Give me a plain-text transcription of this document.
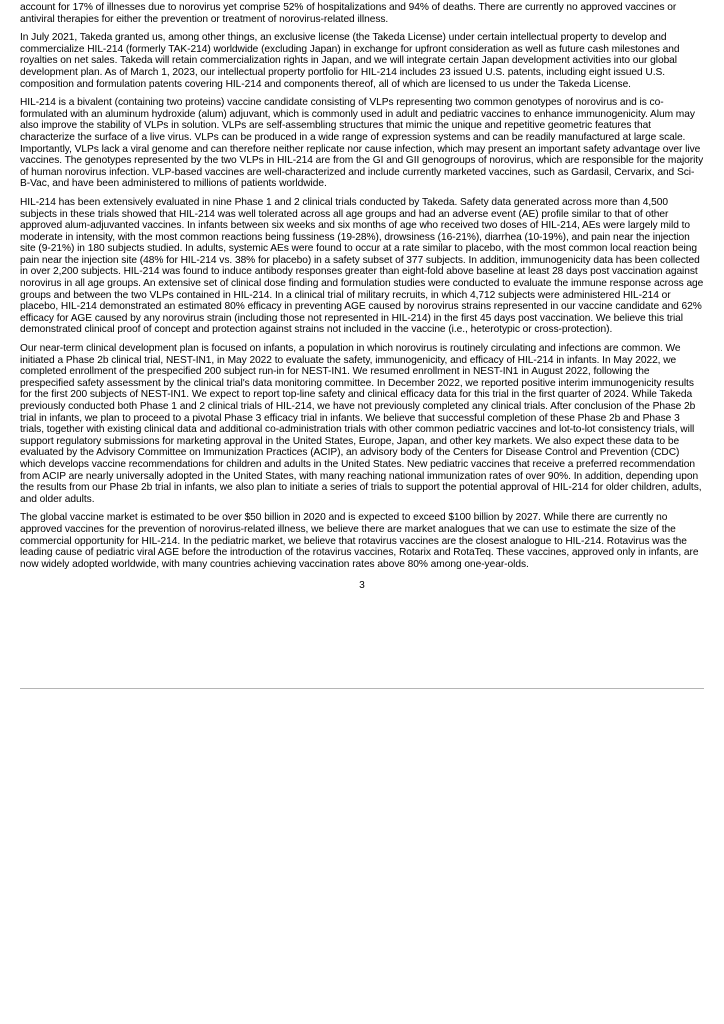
account for 17% of illnesses due to norovirus yet comprise 52% of hospitalizations and 94% of deaths. There are currently no approved vaccines or antiviral therapies for either the prevention or treatment of norovirus-related illness.

In July 2021, Takeda granted us, among other things, an exclusive license (the Takeda License) under certain intellectual property to develop and commercialize HIL-214 (formerly TAK-214) worldwide (excluding Japan) in exchange for upfront consideration as well as future cash milestones and royalties on net sales. Takeda will retain commercialization rights in Japan, and we will integrate certain Japan development activities into our global development plan. As of March 1, 2023, our intellectual property portfolio for HIL-214 includes 23 issued U.S. patents, including eight issued U.S. composition and formulation patents covering HIL-214 and components thereof, all of which are licensed to us under the Takeda License.

HIL-214 is a bivalent (containing two proteins) vaccine candidate consisting of VLPs representing two common genotypes of norovirus and is co-formulated with an aluminum hydroxide (alum) adjuvant, which is commonly used in adult and pediatric vaccines to enhance immunogenicity. Alum may also improve the stability of VLPs in solution. VLPs are self-assembling structures that mimic the unique and repetitive geometric features that characterize the surface of a live virus. VLPs can be produced in a wide range of expression systems and can be readily manufactured at large scale. Importantly, VLPs lack a viral genome and can therefore neither replicate nor cause infection, which may present an important safety advantage over live vaccines. The genotypes represented by the two VLPs in HIL-214 are from the GI and GII genogroups of norovirus, which are responsible for the majority of human norovirus infection. VLP-based vaccines are well-characterized and include currently marketed vaccines, such as Gardasil, Cervarix, and Sci-B-Vac, and have been administered to millions of patients worldwide.

HIL-214 has been extensively evaluated in nine Phase 1 and 2 clinical trials conducted by Takeda. Safety data generated across more than 4,500 subjects in these trials showed that HIL-214 was well tolerated across all age groups and had an adverse event (AE) profile similar to that of other approved alum-adjuvanted vaccines. In infants between six weeks and six months of age who received two doses of HIL-214, AEs were largely mild to moderate in intensity, with the most common reactions being fussiness (19-28%), drowsiness (16-21%), diarrhea (10-19%), and pain near the injection site (9-21%) in 180 subjects studied. In adults, systemic AEs were found to occur at a rate similar to placebo, with the most common local reaction being pain near the injection site (48% for HIL-214 vs. 38% for placebo) in a safety subset of 377 subjects. In addition, immunogenicity data has been collected in over 2,200 subjects. HIL-214 was found to induce antibody responses greater than eight-fold above baseline at least 28 days post vaccination against norovirus in all age groups. An extensive set of clinical dose finding and formulation studies were conducted to evaluate the immune response across age groups and between the two VLPs contained in HIL-214. In a clinical trial of military recruits, in which 4,712 subjects were administered HIL-214 or placebo, HIL-214 demonstrated an estimated 80% efficacy in preventing AGE caused by norovirus strains represented in our vaccine candidate and 62% efficacy for AGE caused by any norovirus strain (including those not represented in HIL-214) in the first 45 days post vaccination. We believe this trial demonstrated clinical proof of concept and protection against strains not included in the vaccine (i.e., heterotypic or cross-protection).

Our near-term clinical development plan is focused on infants, a population in which norovirus is routinely circulating and infections are common. We initiated a Phase 2b clinical trial, NEST-IN1, in May 2022 to evaluate the safety, immunogenicity, and efficacy of HIL-214 in infants. In May 2022, we completed enrollment of the prespecified 200 subject run-in for NEST-IN1. We resumed enrollment in NEST-IN1 in August 2022, following the prespecified safety assessment by the clinical trial's data monitoring committee. In December 2022, we reported positive interim immunogenicity results for the first 200 subjects of NEST-IN1. We expect to report top-line safety and clinical efficacy data for this trial in the first quarter of 2024. While Takeda previously conducted both Phase 1 and 2 clinical trials of HIL-214, we have not previously completed any clinical trials. After conclusion of the Phase 2b trial in infants, we plan to proceed to a pivotal Phase 3 efficacy trial in infants. We believe that successful completion of these Phase 2b and Phase 3 trials, together with existing clinical data and additional co-administration trials with other common pediatric vaccines and lot-to-lot consistency trials, will support regulatory submissions for marketing approval in the United States, Europe, Japan, and other key markets. We also expect these data to be evaluated by the Advisory Committee on Immunization Practices (ACIP), an advisory body of the Centers for Disease Control and Prevention (CDC) which develops vaccine recommendations for children and adults in the United States. New pediatric vaccines that receive a preferred recommendation from ACIP are nearly universally adopted in the United States, with many reaching national immunization rates of over 90%. In addition, depending upon the results from our Phase 2b trial in infants, we also plan to initiate a series of trials to support the potential approval of HIL-214 for older children, adults, and older adults.

The global vaccine market is estimated to be over $50 billion in 2020 and is expected to exceed $100 billion by 2027. While there are currently no approved vaccines for the prevention of norovirus-related illness, we believe there are market analogues that we can use to estimate the size of the commercial opportunity for HIL-214. In the pediatric market, we believe that rotavirus vaccines are the closest analogue to HIL-214. Rotavirus was the leading cause of pediatric viral AGE before the introduction of the rotavirus vaccines, Rotarix and RotaTeq. These vaccines, approved only in infants, are now widely adopted worldwide, with many countries achieving vaccination rates above 80% among one-year-olds.

3
